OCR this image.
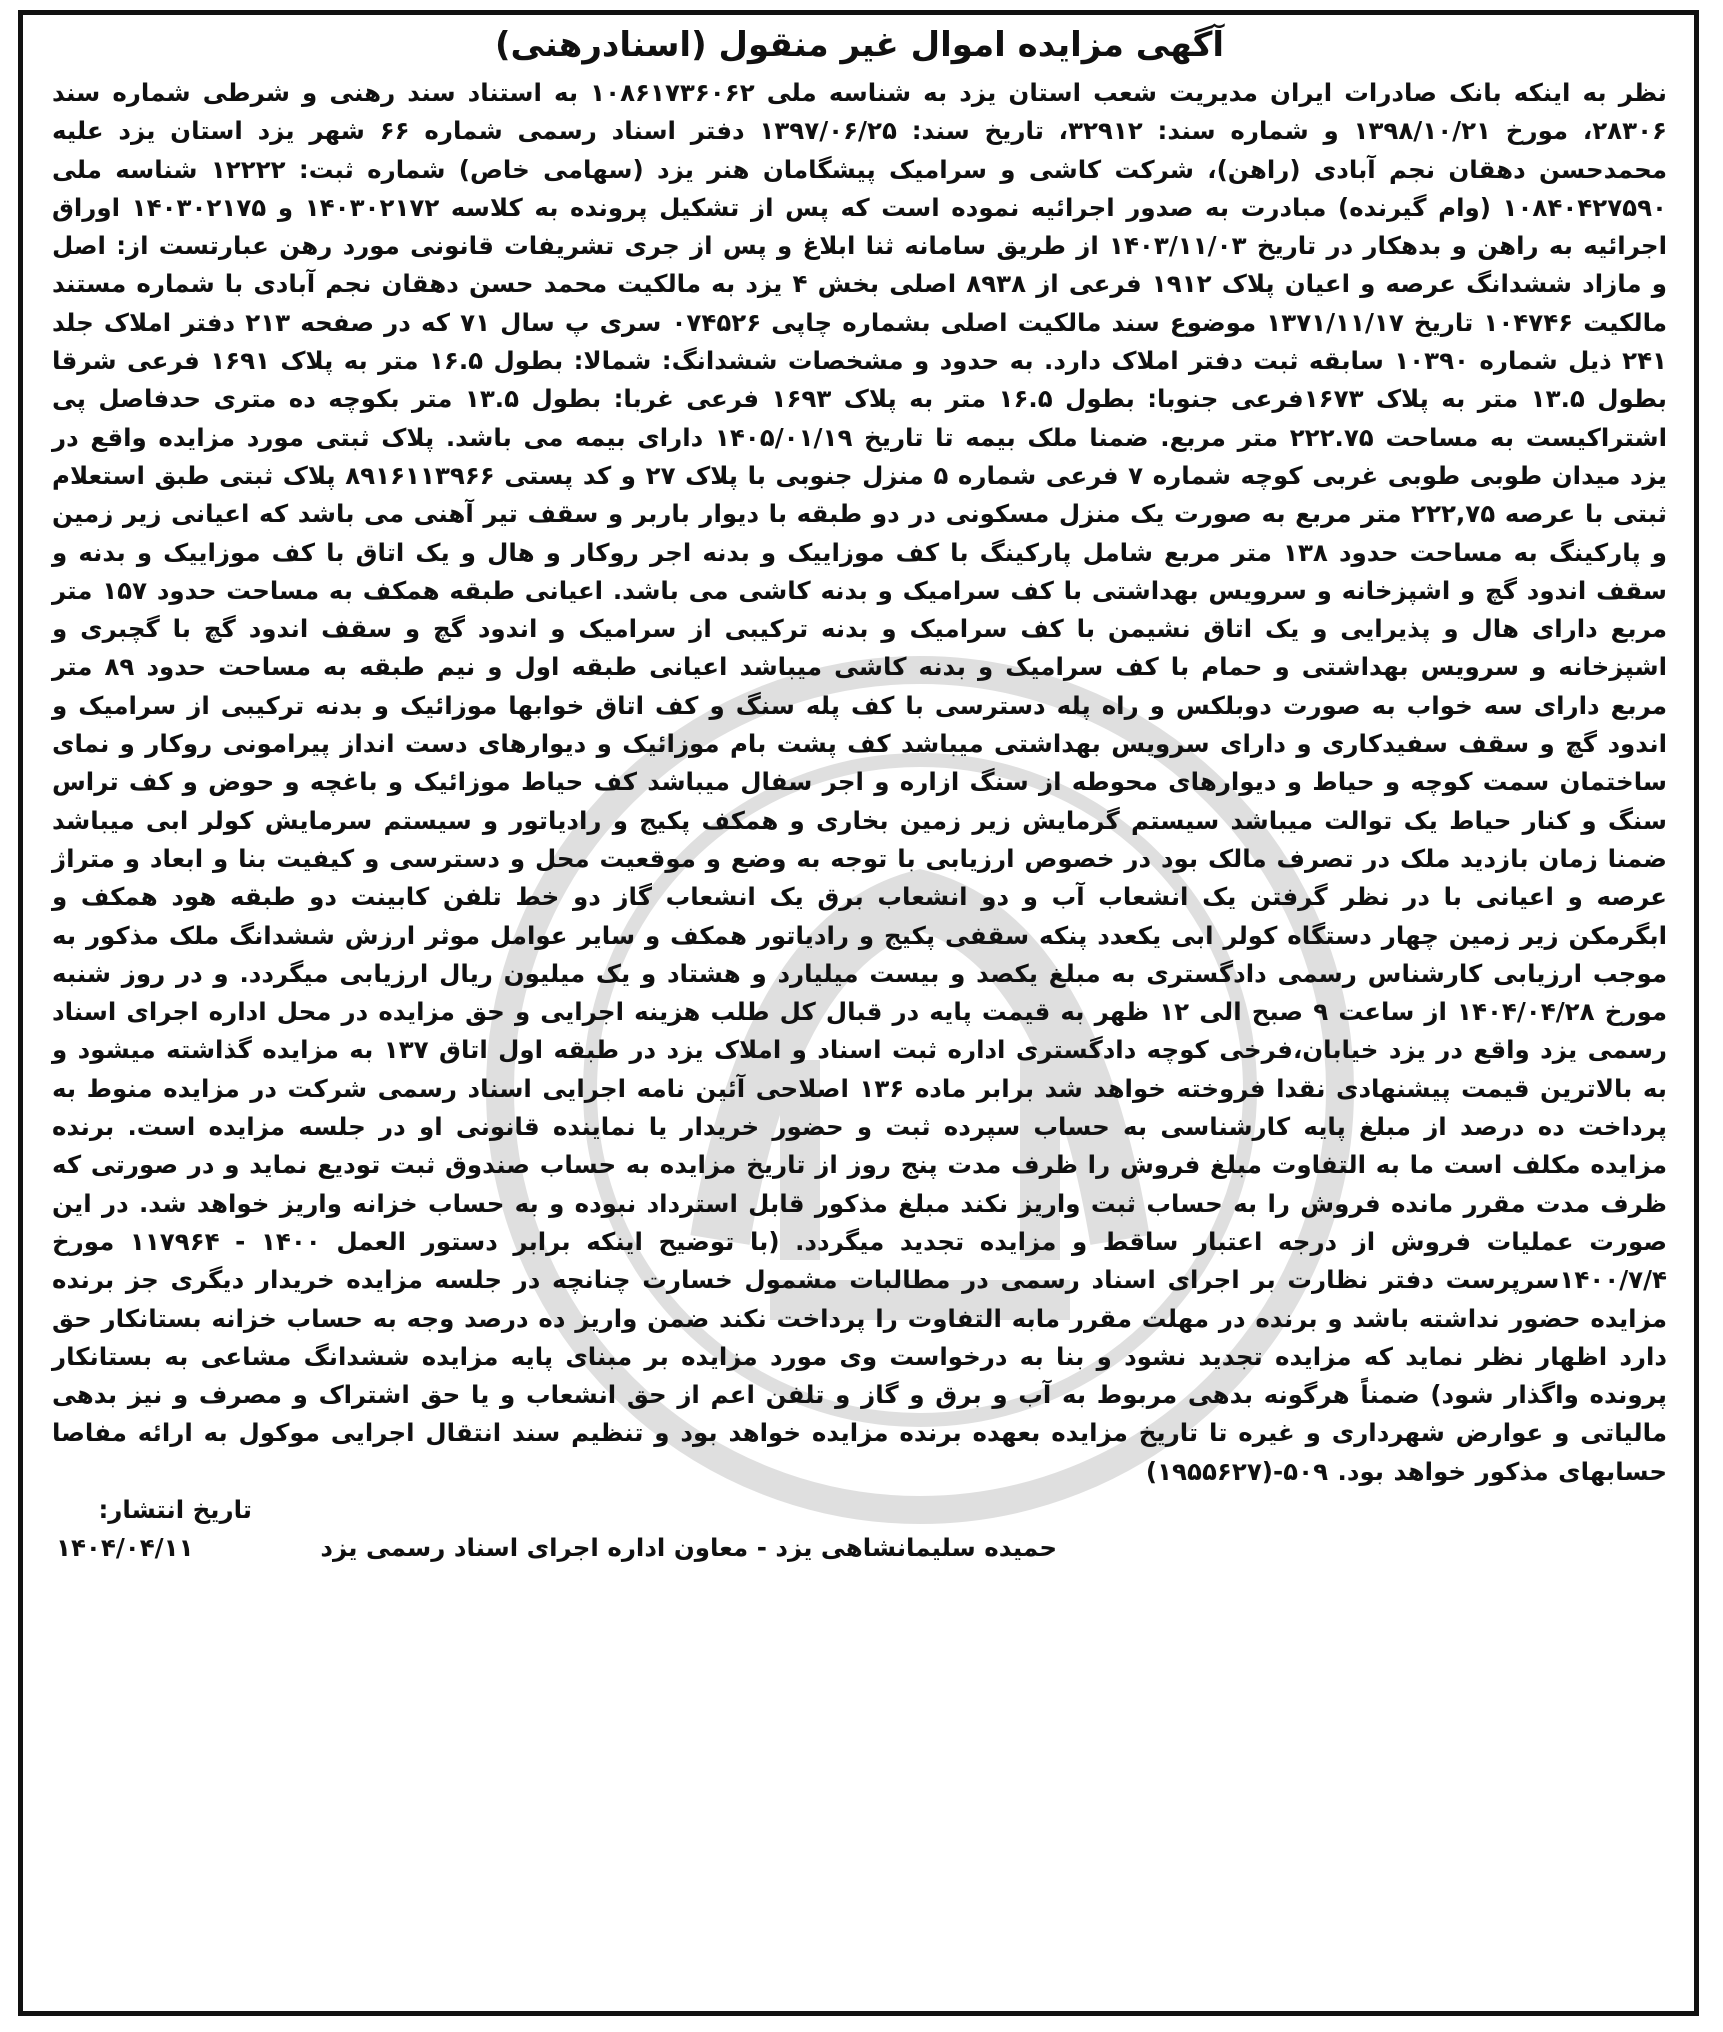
آگهی مزایده اموال غیر منقول (اسنادرهنی)

نظر به اینکه بانک صادرات ایران مدیریت شعب استان یزد به شناسه ملی ۱۰۸۶۱۷۳۶۰۶۲ به استناد سند رهنی و شرطی شماره سند ۲۸۳۰۶، مورخ ۱۳۹۸/۱۰/۲۱ و شماره سند: ۳۲۹۱۲، تاریخ سند: ۱۳۹۷/۰۶/۲۵ دفتر اسناد رسمی شماره ۶۶ شهر یزد استان یزد علیه محمدحسن دهقان نجم آبادی (راهن)، شرکت کاشی و سرامیک پیشگامان هنر یزد (سهامی خاص) شماره ثبت: ۱۲۲۲۲ شناسه ملی ۱۰۸۴۰۴۲۷۵۹۰ (وام گیرنده) مبادرت به صدور اجرائیه نموده است که پس از تشکیل پرونده به کلاسه ۱۴۰۳۰۲۱۷۲ و ۱۴۰۳۰۲۱۷۵ اوراق اجرائیه به راهن و بدهکار در تاریخ ۱۴۰۳/۱۱/۰۳ از طریق سامانه ثنا ابلاغ و پس از جری تشریفات قانونی مورد رهن عبارتست از: اصل و مازاد ششدانگ عرصه و اعیان پلاک ۱۹۱۲ فرعی از ۸۹۳۸ اصلی بخش ۴ یزد به مالکیت محمد حسن دهقان نجم آبادی با شماره مستند مالکیت ۱۰۴۷۴۶ تاریخ ۱۳۷۱/۱۱/۱۷ موضوع سند مالکیت اصلی بشماره چاپی ۰۷۴۵۲۶ سری پ سال ۷۱ که در صفحه ۲۱۳ دفتر املاک جلد ۲۴۱ ذیل شماره ۱۰۳۹۰ سابقه ثبت دفتر املاک دارد. به حدود و مشخصات ششدانگ: شمالا: بطول ۱۶.۵ متر به پلاک ۱۶۹۱ فرعی شرقا بطول ۱۳.۵ متر به پلاک ۱۶۷۳فرعی جنوبا: بطول ۱۶.۵ متر به پلاک ۱۶۹۳ فرعی غربا: بطول ۱۳.۵ متر بکوچه ده متری حدفاصل پی اشتراکیست به مساحت ۲۲۲.۷۵ متر مربع. ضمنا ملک بیمه تا تاریخ ۱۴۰۵/۰۱/۱۹ دارای بیمه می باشد. پلاک ثبتی مورد مزایده واقع در یزد میدان طوبی طوبی غربی کوچه شماره ۷ فرعی شماره ۵ منزل جنوبی با پلاک ۲۷ و کد پستی ۸۹۱۶۱۱۳۹۶۶ پلاک ثبتی طبق استعلام ثبتی با عرصه ۲۲۲,۷۵ متر مربع به صورت یک منزل مسکونی در دو طبقه با دیوار باربر و سقف تیر آهنی می باشد که اعیانی زیر زمین و پارکینگ به مساحت حدود ۱۳۸ متر مربع شامل پارکینگ با کف موزاییک و بدنه اجر روکار و هال و یک اتاق با کف موزاییک و بدنه و سقف اندود گچ و اشپزخانه و سرویس بهداشتی با کف سرامیک و بدنه کاشی می باشد. اعیانی طبقه همکف به مساحت حدود ۱۵۷ متر مربع دارای هال و پذیرایی و یک اتاق نشیمن با کف سرامیک و بدنه ترکیبی از سرامیک و اندود گچ و سقف اندود گچ با گچبری و اشپزخانه و سرویس بهداشتی و حمام با کف سرامیک و بدنه کاشی میباشد اعیانی طبقه اول و نیم طبقه به مساحت حدود ۸۹ متر مربع دارای سه خواب به صورت دوبلکس و راه پله دسترسی با کف پله سنگ و کف اتاق خوابها موزائیک و بدنه ترکیبی از سرامیک و اندود گچ و سقف سفیدکاری و دارای سرویس بهداشتی میباشد کف پشت بام موزائیک و دیوارهای دست انداز پیرامونی روکار و نمای ساختمان سمت کوچه و حیاط و دیوارهای محوطه از سنگ ازاره و اجر سفال میباشد کف حیاط موزائیک و باغچه و حوض و کف تراس سنگ و کنار حیاط یک توالت میباشد سیستم گرمایش زیر زمین بخاری و همکف پکیج و رادیاتور و سیستم سرمایش کولر ابی میباشد ضمنا زمان بازدید ملک در تصرف مالک بود در خصوص ارزیابی با توجه به وضع و موقعیت محل و دسترسی و کیفیت بنا و ابعاد و متراژ عرصه و اعیانی با در نظر گرفتن یک انشعاب آب و دو انشعاب برق یک انشعاب گاز دو خط تلفن کابینت دو طبقه هود همکف و ابگرمکن زیر زمین چهار دستگاه کولر ابی یکعدد پنکه سقفی پکیج و رادیاتور همکف و سایر عوامل موثر ارزش ششدانگ ملک مذکور به موجب ارزیابی کارشناس رسمی دادگستری به مبلغ یکصد و بیست میلیارد و هشتاد و یک میلیون ریال ارزیابی میگردد. و در روز شنبه مورخ ۱۴۰۴/۰۴/۲۸ از ساعت ۹ صبح الی ۱۲ ظهر به قیمت پایه در قبال کل طلب هزینه اجرایی و حق مزایده در محل اداره اجرای اسناد رسمی یزد واقع در یزد خیابان،فرخی کوچه دادگستری اداره ثبت اسناد و املاک یزد در طبقه اول اتاق ۱۳۷ به مزایده گذاشته میشود و به بالاترین قیمت پیشنهادی نقدا فروخته خواهد شد برابر ماده ۱۳۶ اصلاحی آئین نامه اجرایی اسناد رسمی شرکت در مزایده منوط به پرداخت ده درصد از مبلغ پایه کارشناسی به حساب سپرده ثبت و حضور خریدار یا نماینده قانونی او در جلسه مزایده است. برنده مزایده مکلف است ما به التفاوت مبلغ فروش را ظرف مدت پنج روز از تاریخ مزایده به حساب صندوق ثبت تودیع نماید و در صورتی که ظرف مدت مقرر مانده فروش را به حساب ثبت واریز نکند مبلغ مذکور قابل استرداد نبوده و به حساب خزانه واریز خواهد شد. در این صورت عملیات فروش از درجه اعتبار ساقط و مزایده تجدید میگردد. (با توضیح اینکه برابر دستور العمل ۱۴۰۰ - ۱۱۷۹۶۴ مورخ ۱۴۰۰/۷/۴سرپرست دفتر نظارت بر اجرای اسناد رسمی در مطالبات مشمول خسارت چنانچه در جلسه مزایده خریدار دیگری جز برنده مزایده حضور نداشته باشد و برنده در مهلت مقرر مابه التفاوت را پرداخت نکند ضمن واریز ده درصد وجه به حساب خزانه بستانکار حق دارد اظهار نظر نماید که مزایده تجدید نشود و بنا به درخواست وی مورد مزایده بر مبنای پایه مزایده ششدانگ مشاعی به بستانکار پرونده واگذار شود) ضمناً هرگونه بدهی مربوط به آب و برق و گاز و تلفن اعم از حق انشعاب و یا حق اشتراک و مصرف و نیز بدهی مالیاتی و عوارض شهرداری و غیره تا تاریخ مزایده بعهده برنده مزایده خواهد بود و تنظیم سند انتقال اجرایی موکول به ارائه مفاصا حسابهای مذکور خواهد بود. ۵۰۹-(۱۹۵۵۶۲۷)

تاریخ انتشار:
حمیده سلیمانشاهی یزد - معاون اداره اجرای اسناد رسمی یزد
۱۴۰۴/۰۴/۱۱
